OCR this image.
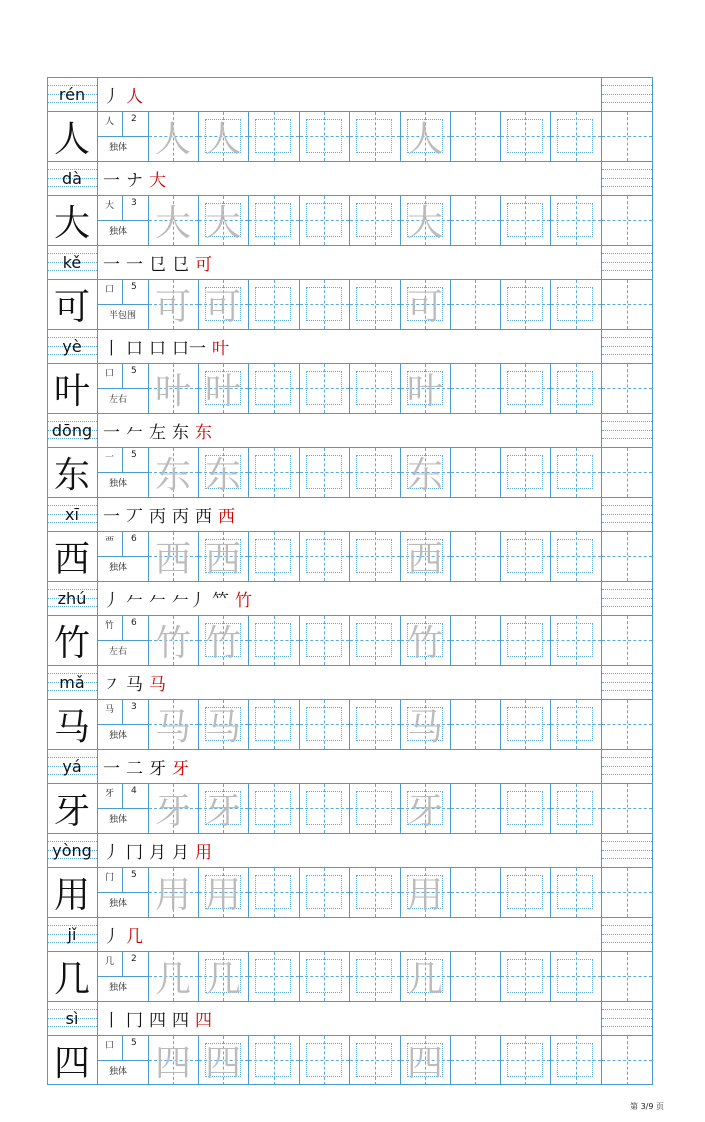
rén	丿 人
人	人 2
独体 人 人	人
dà	一 ナ 大
大	大 3
独体 大 大	大
kě	一 一 㔾 㔾 可
可	口 5
半包围 可 可	可
yè	丨 口 口 口一 叶
叶	口 5
左右 叶 叶	叶
dōng 一 𠂉 左 东 东
东	一 5
独体 东 东	东
xī	一 丆 丙 丙 西 西
西	覀 6
独体 西 西	西
zhú 丿 𠂉 𠂉 𠂉丿 𥫗 竹
竹	竹 6
左右 竹 竹	竹
mǎ	㇇ 马 马
马	马 3
独体 马 马	马
yá	一 二 牙 牙
牙	牙 4
独体 牙 牙	牙
yòng 丿 冂 月 月 用
用	门 5
独体 用 用	用
jǐ	丿 几
几	几 2
独体 几 几	几
sì	丨 冂 四 四 四
四	口 5
独体 四 四	四
第 3/9 页
